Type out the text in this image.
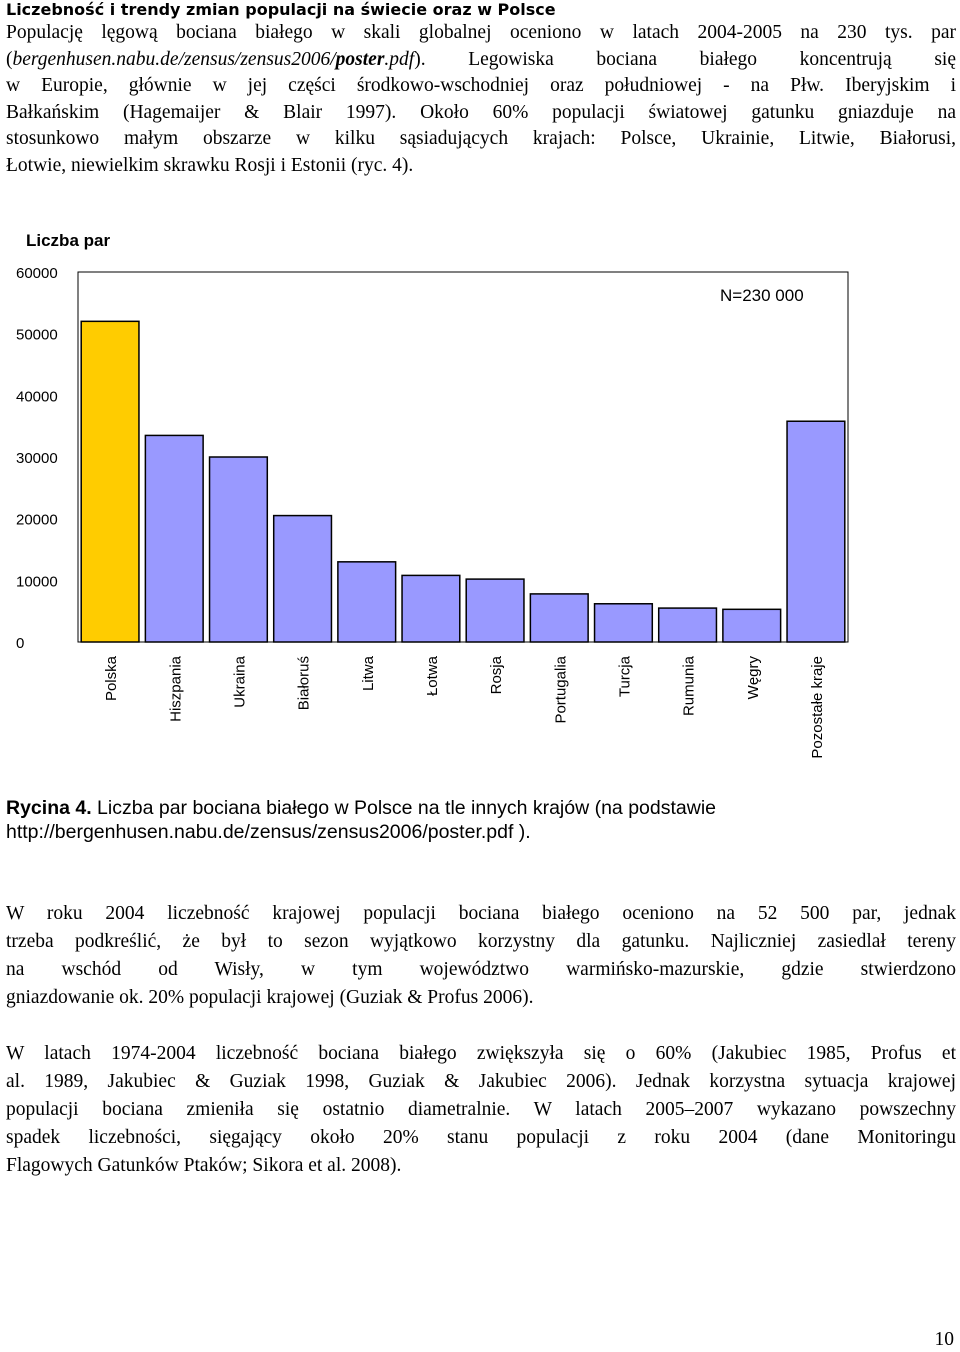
Liczebność i trendy zmian populacji na świecie oraz w Polsce
Populację lęgową bociana białego w skali globalnej oceniono w latach 2004-2005 na 230 tys. par
(bergenhusen.nabu.de/zensus/zensus2006/poster.pdf). Legowiska bociana białego koncentrują się
w Europie, głównie w jej części środkowo-wschodniej oraz południowej - na Płw. Iberyjskim i
Bałkańskim (Hagemaijer & Blair 1997). Około 60% populacji światowej gatunku gniazduje na
stosunkowo małym obszarze w kilku sąsiadujących krajach: Polsce, Ukrainie, Litwie, Białorusi,
Łotwie, niewielkim skrawku Rosji i Estonii (ryc. 4).
Liczba par
N=230 000
60000
50000
40000
30000
20000
10000
0
Polska	Hiszpania	Ukraina	Białoruś	Litwa	Łotwa	Rosja	Portugalia	Turcja	Rumunia	Węgry	Pozostałe kraje
Rycina 4. Liczba par bociana białego w Polsce na tle innych krajów (na podstawie
http://bergenhusen.nabu.de/zensus/zensus2006/poster.pdf ).
W roku 2004 liczebność krajowej populacji bociana białego oceniono na 52 500 par, jednak
trzeba podkreślić, że był to sezon wyjątkowo korzystny dla gatunku. Najliczniej zasiedlał tereny
na wschód od Wisły, w tym województwo warmińsko-mazurskie, gdzie stwierdzono
gniazdowanie ok. 20% populacji krajowej (Guziak & Profus 2006).
W latach 1974-2004 liczebność bociana białego zwiększyła się o 60% (Jakubiec 1985, Profus et
al. 1989, Jakubiec & Guziak 1998, Guziak & Jakubiec 2006). Jednak korzystna sytuacja krajowej
populacji bociana zmieniła się ostatnio diametralnie. W latach 2005–2007 wykazano powszechny
spadek liczebności, sięgający około 20% stanu populacji z roku 2004 (dane Monitoringu
Flagowych Gatunków Ptaków; Sikora et al. 2008).
10
